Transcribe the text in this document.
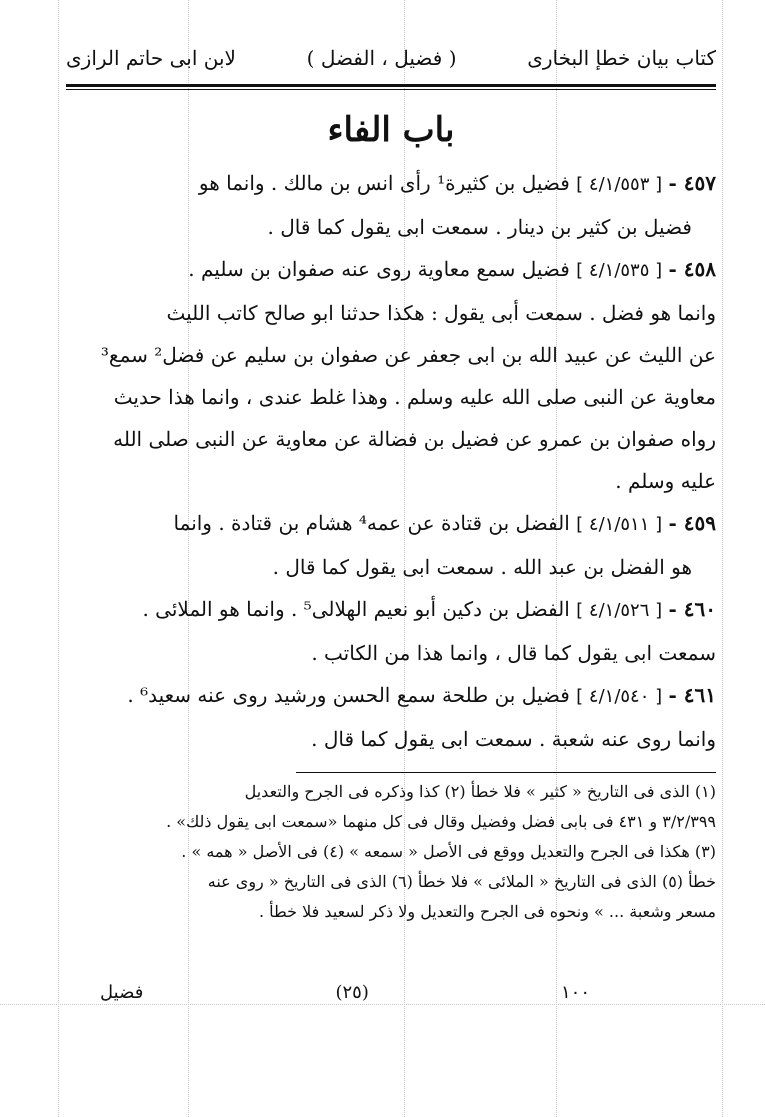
كتاب بيان خطإ البخارى
( فضيل ، الفضل )
لابن ابى حاتم الرازى
باب الفاء

٤٥٧ - [ ٤/١/٥٥٣ ] فضيل بن كثيرة¹ رأى انس بن مالك . وانما هو

فضيل بن كثير بن دينار . سمعت ابى يقول كما قال .

٤٥٨ - [ ٤/١/٥٣٥ ] فضيل سمع معاوية روى عنه صفوان بن سليم .

وانما هو فضل . سمعت أبى يقول : هكذا حدثنا ابو صالح كاتب الليث

عن الليث عن عبيد الله بن ابى جعفر عن صفوان بن سليم عن فضل² سمع³

معاوية عن النبى صلى الله عليه وسلم . وهذا غلط عندى ، وانما هذا حديث

رواه صفوان بن عمرو عن فضيل بن فضالة عن معاوية عن النبى صلى الله

عليه وسلم .

٤٥٩ - [ ٤/١/٥١١ ] الفضل بن قتادة عن عمه⁴ هشام بن قتادة . وانما

هو الفضل بن عبد الله . سمعت ابى يقول كما قال .

٤٦٠ - [ ٤/١/٥٢٦ ] الفضل بن دكين أبو نعيم الهلالى⁵ . وانما هو الملائى .

سمعت ابى يقول كما قال ، وانما هذا من الكاتب .

٤٦١ - [ ٤/١/٥٤٠ ] فضيل بن طلحة سمع الحسن ورشيد روى عنه سعيد⁶ .

وانما روى عنه شعبة . سمعت ابى يقول كما قال .

(١) الذى فى التاريخ « كثير » فلا خطأ (٢) كذا وذكره فى الجرح والتعديل

٣/٢/٣٩٩ و ٤٣١ فى بابى فضل وفضيل وقال فى كل منهما «سمعت ابى يقول ذلك» .

(٣) هكذا فى الجرح والتعديل ووقع فى الأصل « سمعه » (٤) فى الأصل « همه » .

خطأ (٥) الذى فى التاريخ « الملائى » فلا خطأ (٦) الذى فى التاريخ « روى عنه

مسعر وشعبة ... » ونحوه فى الجرح والتعديل ولا ذكر لسعيد فلا خطأ .

١٠٠
(٢٥)
فضيل
